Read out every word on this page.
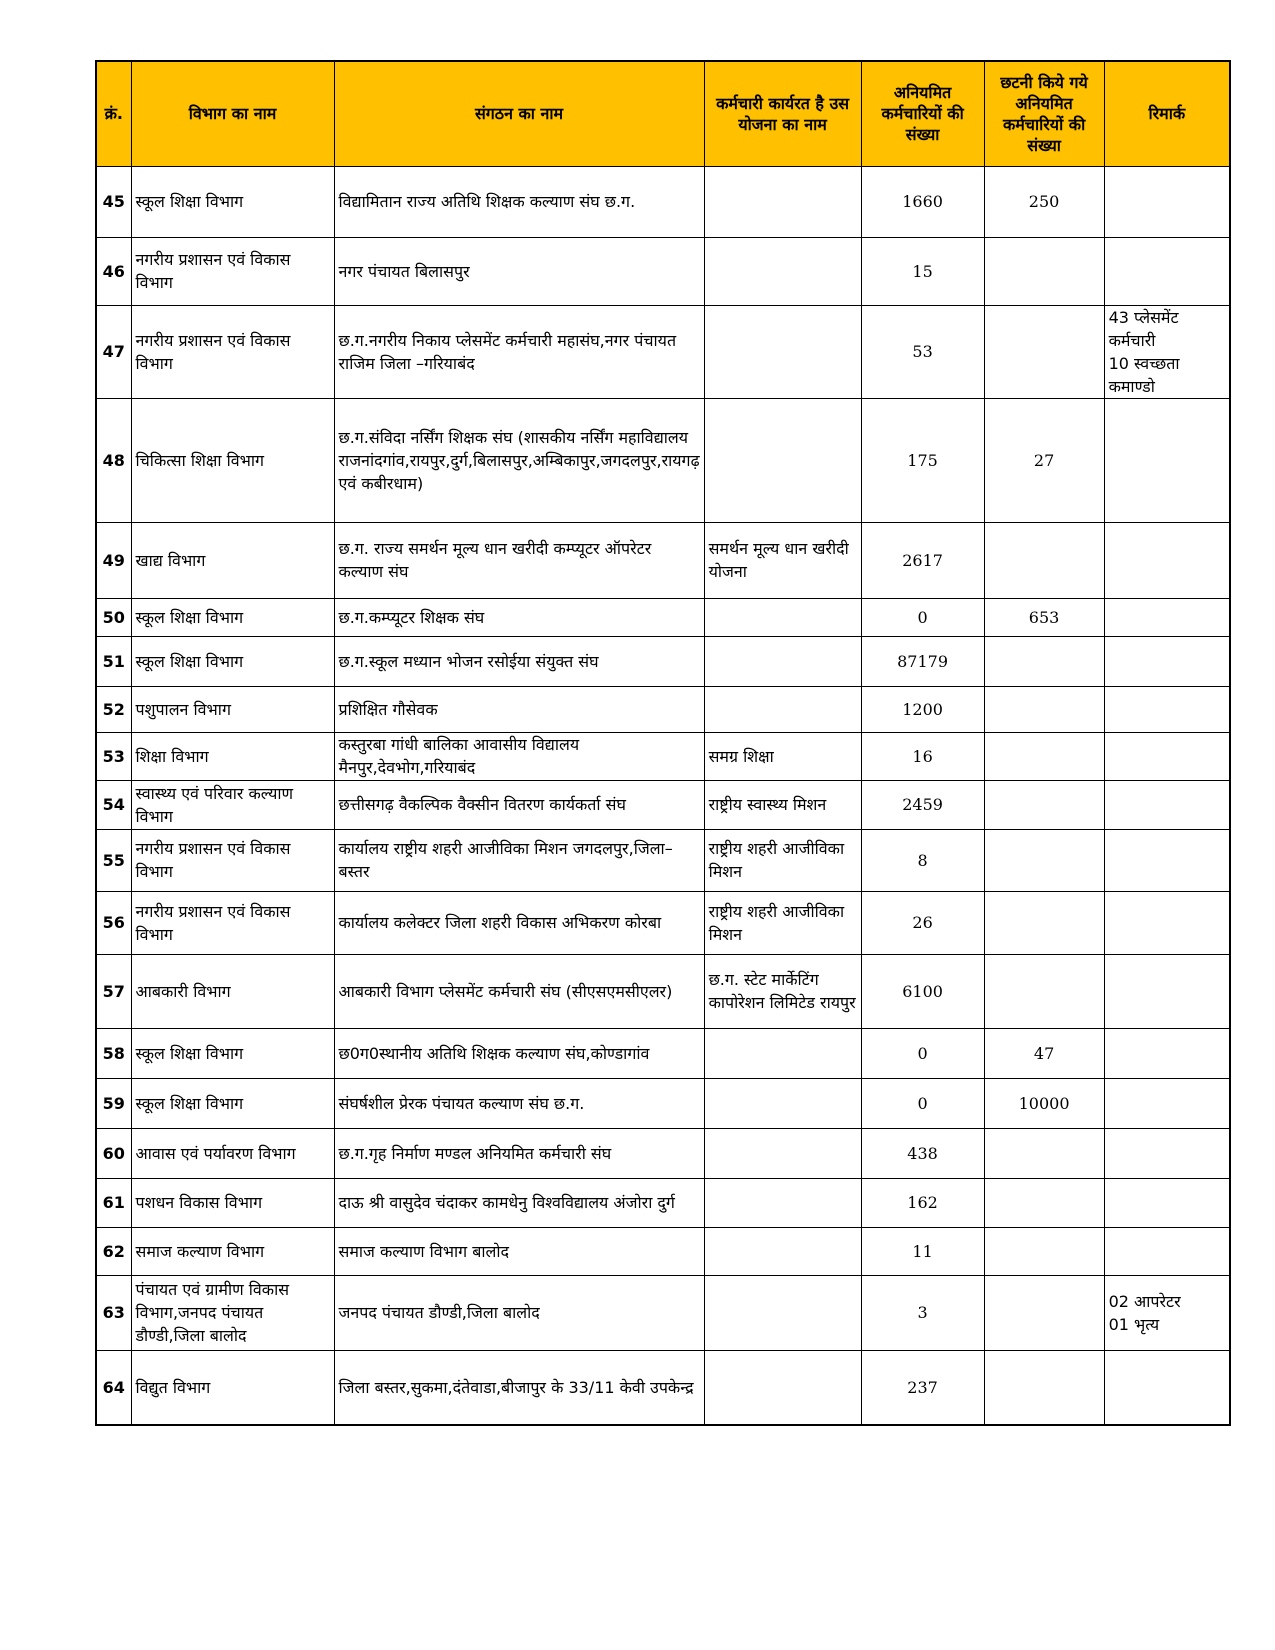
क्रं.	विभाग का नाम	संगठन का नाम	कर्मचारी कार्यरत है उस योजना का नाम	अनियमित कर्मचारियों की संख्या	छटनी किये गये अनियमित कर्मचारियों की संख्या	रिमार्क
45	स्कूल शिक्षा विभाग	विद्यामितान राज्य अतिथि शिक्षक कल्याण संघ छ.ग.		1660	250	
46	नगरीय प्रशासन एवं विकास विभाग	नगर पंचायत बिलासपुर		15		
47	नगरीय प्रशासन एवं विकास विभाग	छ.ग.नगरीय निकाय प्लेसमेंट कर्मचारी महासंघ,नगर पंचायत राजिम जिला –गरियाबंद		53		43 प्लेसमेंट कर्मचारी
10 स्वच्छता कमाण्डो
48	चिकित्सा शिक्षा विभाग	छ.ग.संविदा नर्सिंग शिक्षक संघ (शासकीय नर्सिंग महाविद्यालय राजनांदगांव,रायपुर,दुर्ग,बिलासपुर,अम्बिकापुर,जगदलपुर,रायगढ़ एवं कबीरधाम)		175	27	
49	खाद्य विभाग	छ.ग. राज्य समर्थन मूल्य धान खरीदी कम्प्यूटर ऑपरेटर कल्याण संघ	समर्थन मूल्य धान खरीदी योजना	2617		
50	स्कूल शिक्षा विभाग	छ.ग.कम्प्यूटर शिक्षक संघ		0	653	
51	स्कूल शिक्षा विभाग	छ.ग.स्कूल मध्यान भोजन रसोईया संयुक्त संघ		87179		
52	पशुपालन विभाग	प्रशिक्षित गौसेवक		1200		
53	शिक्षा विभाग	कस्तुरबा गांधी बालिका आवासीय विद्यालय मैनपुर,देवभोग,गरियाबंद	समग्र शिक्षा	16		
54	स्वास्थ्य एवं परिवार कल्याण विभाग	छत्तीसगढ़ वैकल्पिक वैक्सीन वितरण कार्यकर्ता संघ	राष्ट्रीय स्वास्थ्य मिशन	2459		
55	नगरीय प्रशासन एवं विकास विभाग	कार्यालय राष्ट्रीय शहरी आजीविका मिशन जगदलपुर,जिला–बस्तर	राष्ट्रीय शहरी आजीविका मिशन	8		
56	नगरीय प्रशासन एवं विकास विभाग	कार्यालय कलेक्टर जिला शहरी विकास अभिकरण कोरबा	राष्ट्रीय शहरी आजीविका मिशन	26		
57	आबकारी विभाग	आबकारी विभाग प्लेसमेंट कर्मचारी संघ (सीएसएमसीएलर)	छ.ग. स्टेट मार्केटिंग कापोरेशन लिमिटेड रायपुर	6100		
58	स्कूल शिक्षा विभाग	छ0ग0स्थानीय अतिथि शिक्षक कल्याण संघ,कोण्डागांव		0	47	
59	स्कूल शिक्षा विभाग	संघर्षशील प्रेरक पंचायत कल्याण संघ छ.ग.		0	10000	
60	आवास एवं पर्यावरण विभाग	छ.ग.गृह निर्माण मण्डल अनियमित कर्मचारी संघ		438		
61	पशधन विकास विभाग	दाऊ श्री वासुदेव चंदाकर कामधेनु विश्वविद्यालय अंजोरा दुर्ग		162		
62	समाज कल्याण विभाग	समाज कल्याण विभाग बालोद		11		
63	पंचायत एवं ग्रामीण विकास विभाग,जनपद पंचायत डौण्डी,जिला बालोद	जनपद पंचायत डौण्डी,जिला बालोद		3		02 आपरेटर
01 भृत्य
64	विद्युत विभाग	जिला बस्तर,सुकमा,दंतेवाडा,बीजापुर के 33/11 केवी उपकेन्द्र		237		
